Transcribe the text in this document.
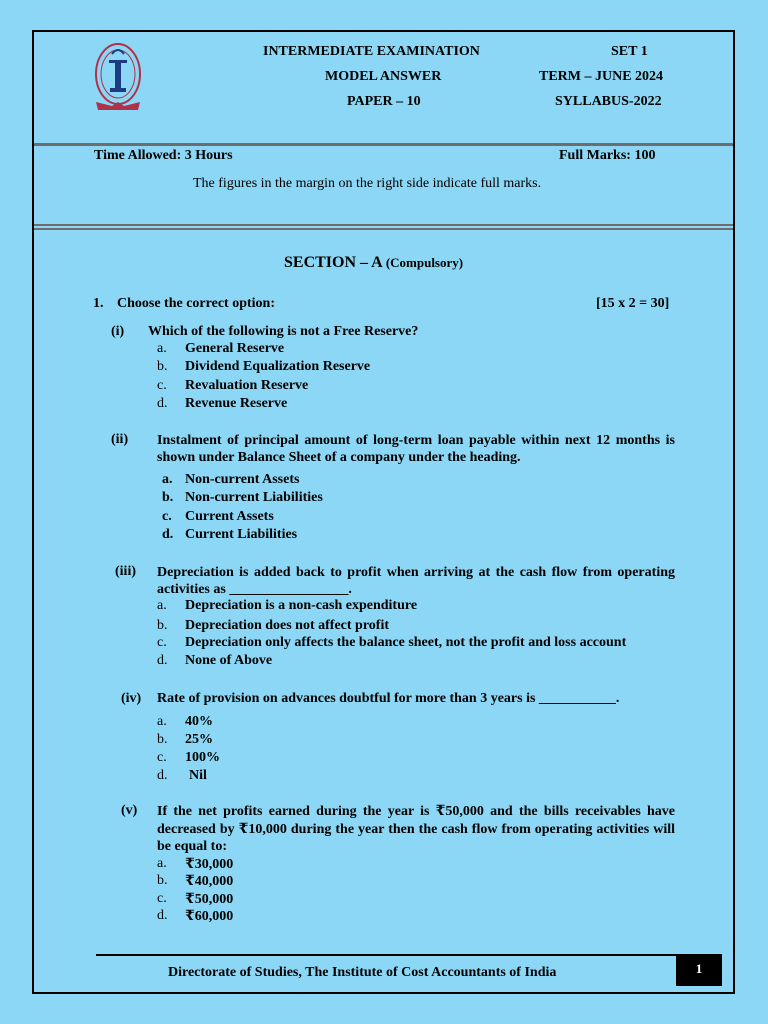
INTERMEDIATE EXAMINATION	SET 1
MODEL ANSWER	TERM – JUNE 2024
PAPER – 10	SYLLABUS-2022
Time Allowed: 3 Hours	Full Marks: 100
The figures in the margin on the right side indicate full marks.
SECTION – A (Compulsory)
1. Choose the correct option:	[15 x 2 = 30]
(i) Which of the following is not a Free Reserve?
a. General Reserve
b. Dividend Equalization Reserve
c. Revaluation Reserve
d. Revenue Reserve
(ii) Instalment of principal amount of long-term loan payable within next 12 months is shown under Balance Sheet of a company under the heading.
a. Non-current Assets
b. Non-current Liabilities
c. Current Assets
d. Current Liabilities
(iii) Depreciation is added back to profit when arriving at the cash flow from operating activities as _________________.
a. Depreciation is a non-cash expenditure
b. Depreciation does not affect profit
c. Depreciation only affects the balance sheet, not the profit and loss account
d. None of Above
(iv) Rate of provision on advances doubtful for more than 3 years is ___________.
a. 40%
b. 25%
c. 100%
d. Nil
(v) If the net profits earned during the year is ₹50,000 and the bills receivables have decreased by ₹10,000 during the year then the cash flow from operating activities will be equal to:
a. ₹30,000
b. ₹40,000
c. ₹50,000
d. ₹60,000
Directorate of Studies, The Institute of Cost Accountants of India	1
